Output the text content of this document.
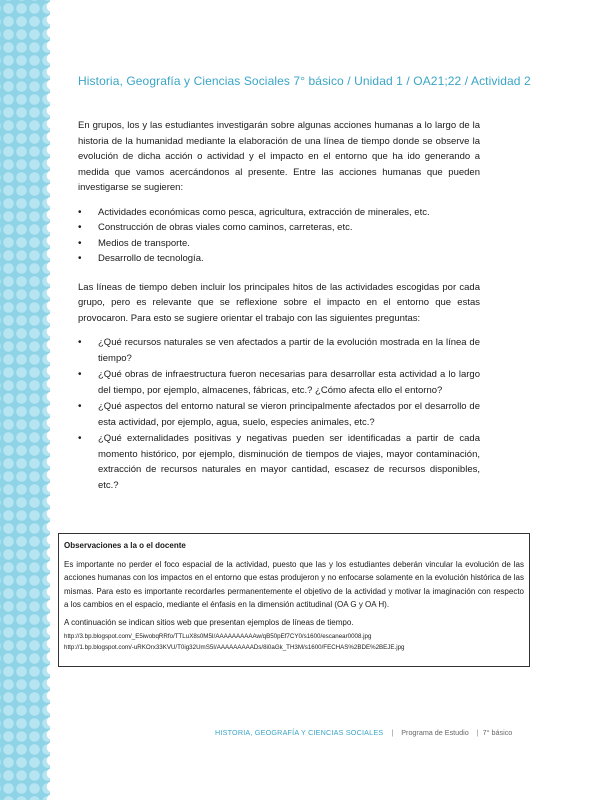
Historia, Geografía y Ciencias Sociales 7° básico / Unidad 1 / OA21;22 / Actividad 2

En grupos, los y las estudiantes investigarán sobre algunas acciones humanas a lo largo de la historia de la humanidad mediante la elaboración de una línea de tiempo donde se observe la evolución de dicha acción o actividad y el impacto en el entorno que ha ido generando a medida que vamos acercándonos al presente. Entre las acciones humanas que pueden investigarse se sugieren:

• Actividades económicas como pesca, agricultura, extracción de minerales, etc.
• Construcción de obras viales como caminos, carreteras, etc.
• Medios de transporte.
• Desarrollo de tecnología.

Las líneas de tiempo deben incluir los principales hitos de las actividades escogidas por cada grupo, pero es relevante que se reflexione sobre el impacto en el entorno que estas provocaron. Para esto se sugiere orientar el trabajo con las siguientes preguntas:

• ¿Qué recursos naturales se ven afectados a partir de la evolución mostrada en la línea de tiempo?
• ¿Qué obras de infraestructura fueron necesarias para desarrollar esta actividad a lo largo del tiempo, por ejemplo, almacenes, fábricas, etc.? ¿Cómo afecta ello el entorno?
• ¿Qué aspectos del entorno natural se vieron principalmente afectados por el desarrollo de esta actividad, por ejemplo, agua, suelo, especies animales, etc.?
• ¿Qué externalidades positivas y negativas pueden ser identificadas a partir de cada momento histórico, por ejemplo, disminución de tiempos de viajes, mayor contaminación, extracción de recursos naturales en mayor cantidad, escasez de recursos disponibles, etc.?
Observaciones a la o el docente

Es importante no perder el foco espacial de la actividad, puesto que las y los estudiantes deberán vincular la evolución de las acciones humanas con los impactos en el entorno que estas produjeron y no enfocarse solamente en la evolución histórica de las mismas. Para esto es importante recordarles permanentemente el objetivo de la actividad y motivar la imaginación con respecto a los cambios en el espacio, mediante el énfasis en la dimensión actitudinal (OA G y OA H).

A continuación se indican sitios web que presentan ejemplos de líneas de tiempo.

http://3.bp.blogspot.com/_E5iwobqRRfo/TTLuX8s0M5I/AAAAAAAAAAw/qB50pEf7CY0/s1600/escanear0008.jpg
http://1.bp.blogspot.com/-uRKOrx33KVU/T0ig32UmS5I/AAAAAAAAADs/8i0aGk_TH3M/s1600/FECHAS%2BDE%2BEJE.jpg
HISTORIA, GEOGRAFÍA Y CIENCIAS SOCIALES | Programa de Estudio | 7° básico
